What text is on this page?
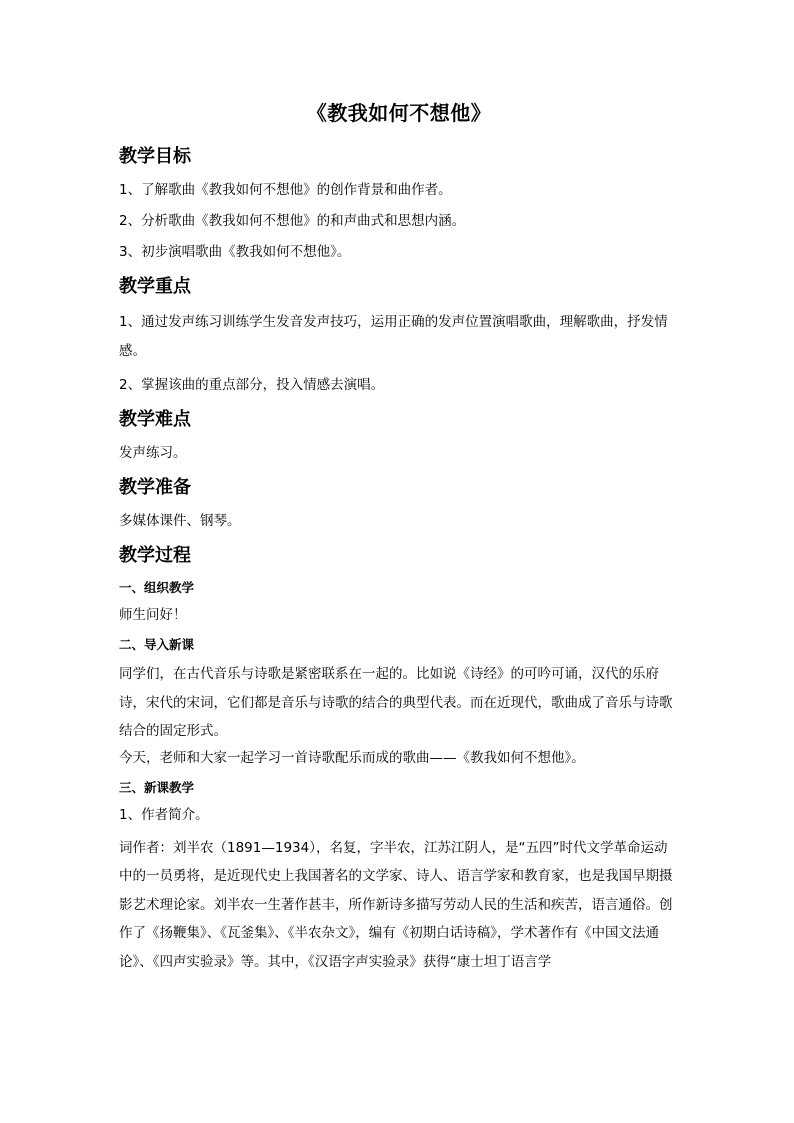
《教我如何不想他》
教学目标
1、了解歌曲《教我如何不想他》的创作背景和曲作者。
2、分析歌曲《教我如何不想他》的和声曲式和思想内涵。
3、初步演唱歌曲《教我如何不想他》。
教学重点
1、通过发声练习训练学生发音发声技巧，运用正确的发声位置演唱歌曲，理解歌曲，抒发情感。
2、掌握该曲的重点部分，投入情感去演唱。
教学难点
发声练习。
教学准备
多媒体课件、钢琴。
教学过程
一、组织教学
师生问好！
二、导入新课
同学们，在古代音乐与诗歌是紧密联系在一起的。比如说《诗经》的可吟可诵，汉代的乐府诗，宋代的宋词，它们都是音乐与诗歌的结合的典型代表。而在近现代，歌曲成了音乐与诗歌结合的固定形式。
今天，老师和大家一起学习一首诗歌配乐而成的歌曲——《教我如何不想他》。
三、新课教学
1、作者简介。
词作者：刘半农（1891—1934），名复，字半农，江苏江阴人，是“五四”时代文学革命运动中的一员勇将，是近现代史上我国著名的文学家、诗人、语言学家和教育家，也是我国早期摄影艺术理论家。刘半农一生著作甚丰，所作新诗多描写劳动人民的生活和疾苦，语言通俗。创作了《扬鞭集》、《瓦釜集》、《半农杂文》，编有《初期白话诗稿》，学术著作有《中国文法通论》、《四声实验录》等。其中，《汉语字声实验录》获得“康士坦丁语言学
